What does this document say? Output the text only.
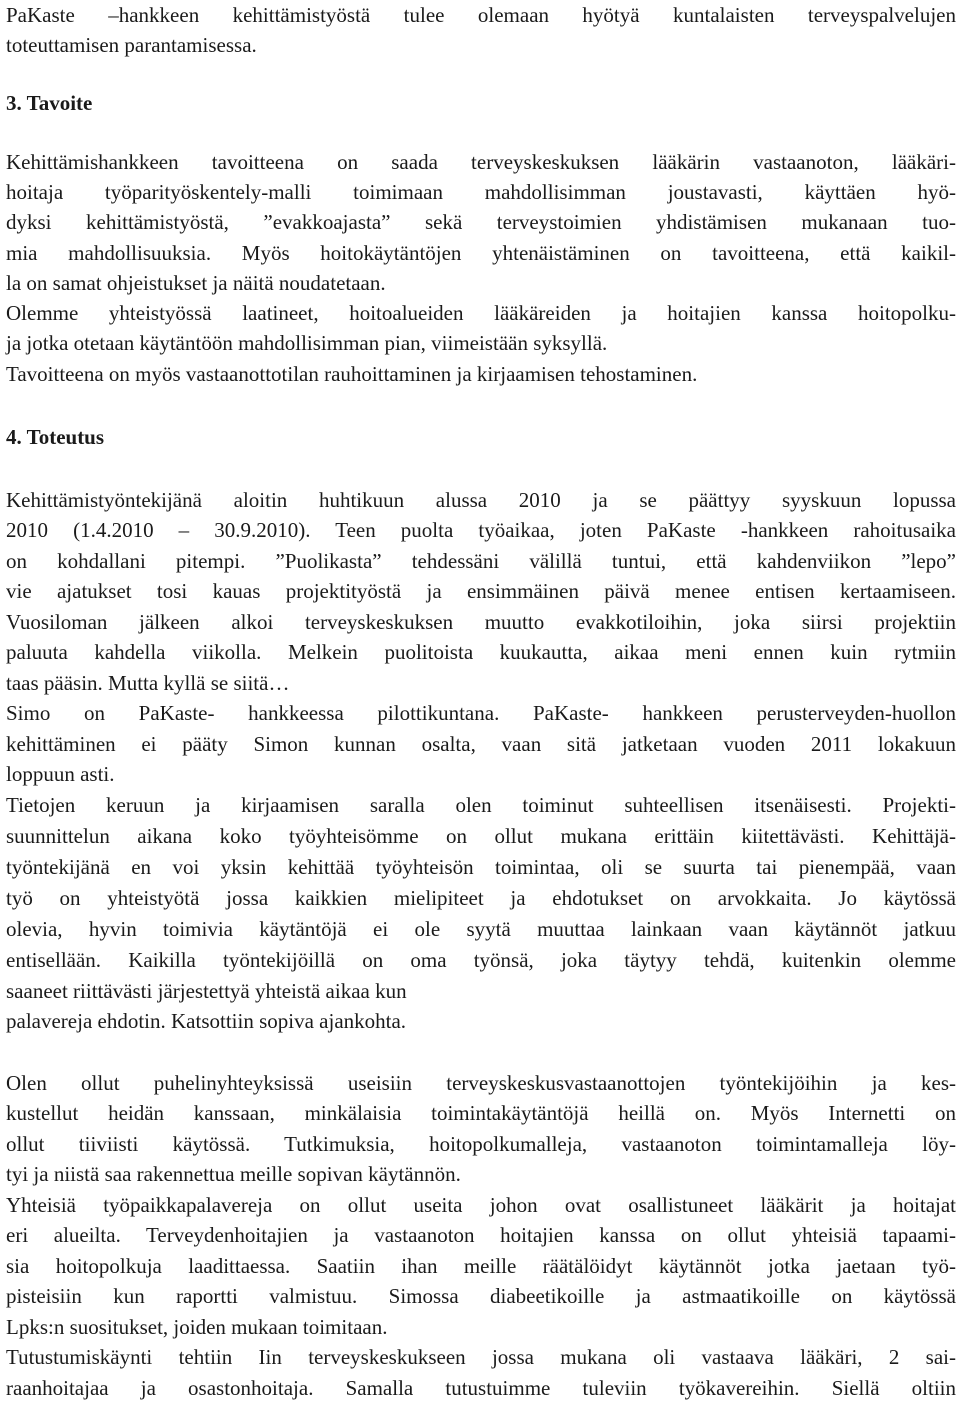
PaKaste –hankkeen kehittämistyöstä tulee olemaan hyötyä kuntalaisten terveyspalvelujen
toteuttamisen parantamisessa.
3. Tavoite
Kehittämishankkeen tavoitteena on saada terveyskeskuksen lääkärin vastaanoton, lääkäri-
hoitaja työparityöskentely-malli toimimaan mahdollisimman joustavasti, käyttäen hyö-
dyksi kehittämistyöstä, ”evakkoajasta” sekä terveystoimien yhdistämisen mukanaan tuo-
mia mahdollisuuksia. Myös hoitokäytäntöjen yhtenäistäminen on tavoitteena, että kaikil-
la on samat ohjeistukset ja näitä noudatetaan.
Olemme yhteistyössä laatineet, hoitoalueiden lääkäreiden ja hoitajien kanssa hoitopolku-
ja jotka otetaan käytäntöön mahdollisimman pian, viimeistään syksyllä.
Tavoitteena on myös vastaanottotilan rauhoittaminen ja kirjaamisen tehostaminen.
4. Toteutus
Kehittämistyöntekijänä aloitin huhtikuun alussa 2010 ja se päättyy syyskuun lopussa
2010 (1.4.2010 – 30.9.2010). Teen puolta työaikaa, joten PaKaste -hankkeen rahoitusaika
on kohdallani pitempi. ”Puolikasta” tehdessäni välillä tuntui, että kahdenviikon ”lepo”
vie ajatukset tosi kauas projektityöstä ja ensimmäinen päivä menee entisen kertaamiseen.
Vuosiloman jälkeen alkoi terveyskeskuksen muutto evakkotiloihin, joka siirsi projektiin
paluuta kahdella viikolla. Melkein puolitoista kuukautta, aikaa meni ennen kuin rytmiin
taas pääsin. Mutta kyllä se siitä…
Simo on PaKaste- hankkeessa pilottikuntana. PaKaste- hankkeen perusterveyden-huollon
kehittäminen ei pääty Simon kunnan osalta, vaan sitä jatketaan vuoden 2011 lokakuun
loppuun asti.
Tietojen keruun ja kirjaamisen saralla olen toiminut suhteellisen itsenäisesti. Projekti-
suunnittelun aikana koko työyhteisömme on ollut mukana erittäin kiitettävästi. Kehittäjä-
työntekijänä en voi yksin kehittää työyhteisön toimintaa, oli se suurta tai pienempää, vaan
työ on yhteistyötä jossa kaikkien mielipiteet ja ehdotukset on arvokkaita. Jo käytössä
olevia, hyvin toimivia käytäntöjä ei ole syytä muuttaa lainkaan vaan käytännöt jatkuu
entisellään. Kaikilla työntekijöillä on oma työnsä, joka täytyy tehdä, kuitenkin olemme
saaneet riittävästi järjestettyä yhteistä aikaa kun
palavereja ehdotin. Katsottiin sopiva ajankohta.
Olen ollut puhelinyhteyksissä useisiin terveyskeskusvastaanottojen työntekijöihin ja kes-
kustellut heidän kanssaan, minkälaisia toimintakäytäntöjä heillä on. Myös Internetti on
ollut tiiviisti käytössä. Tutkimuksia, hoitopolkumalleja, vastaanoton toimintamalleja löy-
tyi ja niistä saa rakennettua meille sopivan käytännön.
Yhteisiä työpaikkapalavereja on ollut useita johon ovat osallistuneet lääkärit ja hoitajat
eri alueilta. Terveydenhoitajien ja vastaanoton hoitajien kanssa on ollut yhteisiä tapaami-
sia hoitopolkuja laadittaessa. Saatiin ihan meille räätälöidyt käytännöt jotka jaetaan työ-
pisteisiin kun raportti valmistuu. Simossa diabeetikoille ja astmaatikoille on käytössä
Lpks:n suositukset, joiden mukaan toimitaan.
Tutustumiskäynti tehtiin Iin terveyskeskukseen jossa mukana oli vastaava lääkäri, 2 sai-
raanhoitajaa ja osastonhoitaja. Samalla tutustuimme tuleviin työkavereihin. Siellä oltiin
